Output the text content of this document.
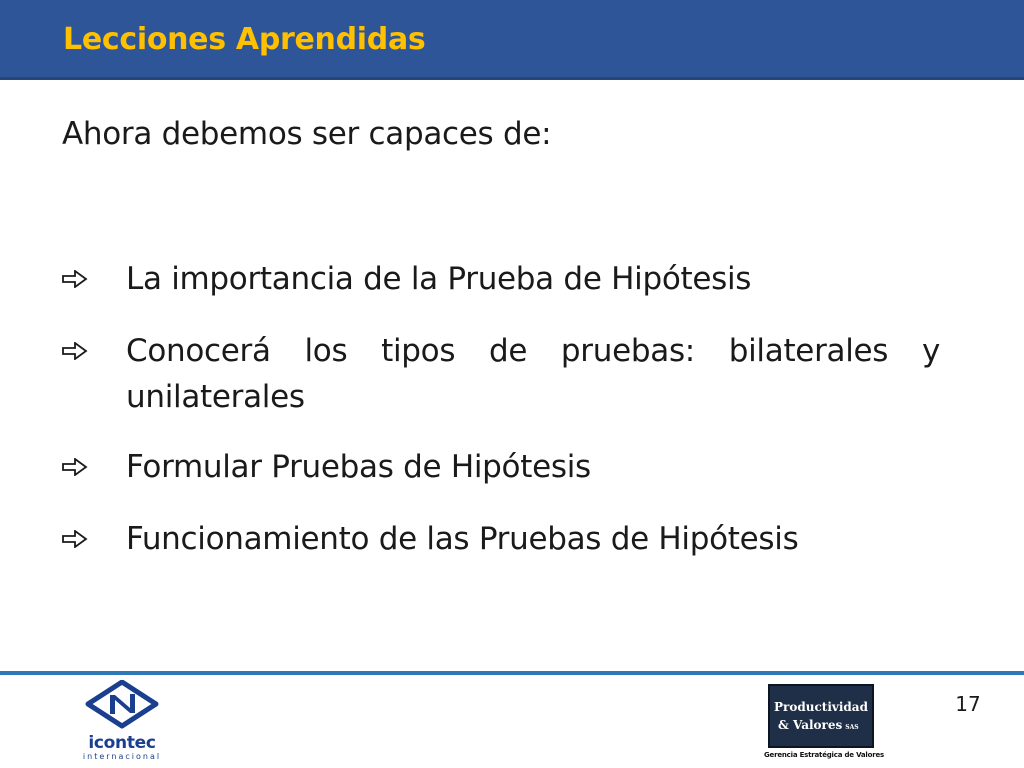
Lecciones Aprendidas
Ahora debemos ser capaces de:
La importancia de la Prueba de Hipótesis
Conocerá los tipos de pruebas: bilaterales y unilaterales
Formular Pruebas de Hipótesis
Funcionamiento de las Pruebas de Hipótesis
icontec
internacional
Productividad
& Valores SAS
Gerencia Estratégica de Valores
17
